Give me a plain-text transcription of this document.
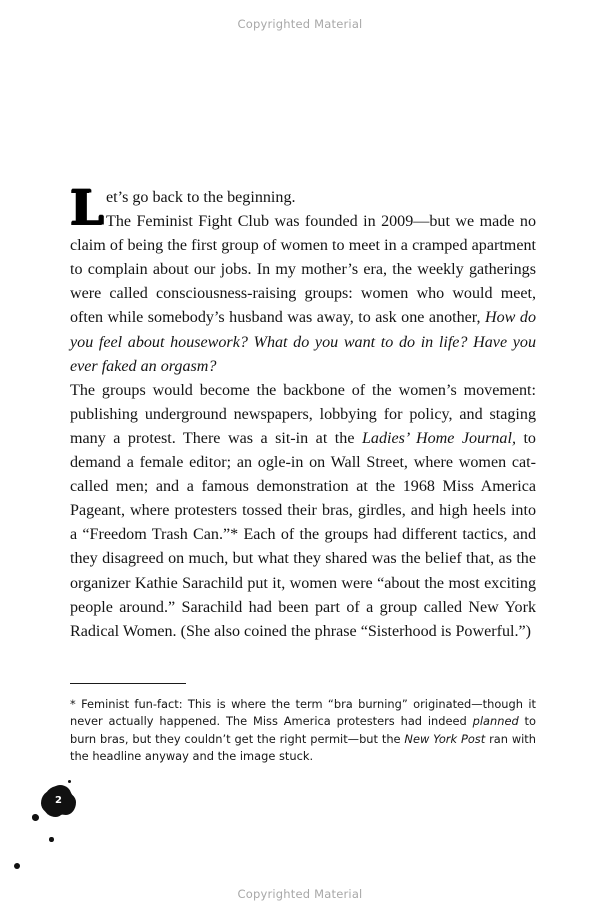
Copyrighted Material
L et’s go back to the beginning.
The Feminist Fight Club was founded in 2009—but we made no claim of being the first group of women to meet in a cramped apartment to complain about our jobs. In my mother’s era, the weekly gatherings were called consciousness-raising groups: women who would meet, often while somebody’s husband was away, to ask one another, How do you feel about housework? What do you want to do in life? Have you ever faked an orgasm?

The groups would become the backbone of the women’s movement: publishing underground newspapers, lobbying for policy, and staging many a protest. There was a sit-in at the Ladies’ Home Journal, to demand a female editor; an ogle-in on Wall Street, where women cat-called men; and a famous demonstration at the 1968 Miss America Pageant, where protesters tossed their bras, girdles, and high heels into a “Freedom Trash Can.”* Each of the groups had different tactics, and they disagreed on much, but what they shared was the belief that, as the organizer Kathie Sarachild put it, women were “about the most exciting people around.” Sarachild had been part of a group called New York Radical Women. (She also coined the phrase “Sisterhood is Powerful.”)

* Feminist fun-fact: This is where the term “bra burning” originated—though it never actually happened. The Miss America protesters had indeed planned to burn bras, but they couldn’t get the right permit—but the New York Post ran with the headline anyway and the image stuck.

2
Copyrighted Material
